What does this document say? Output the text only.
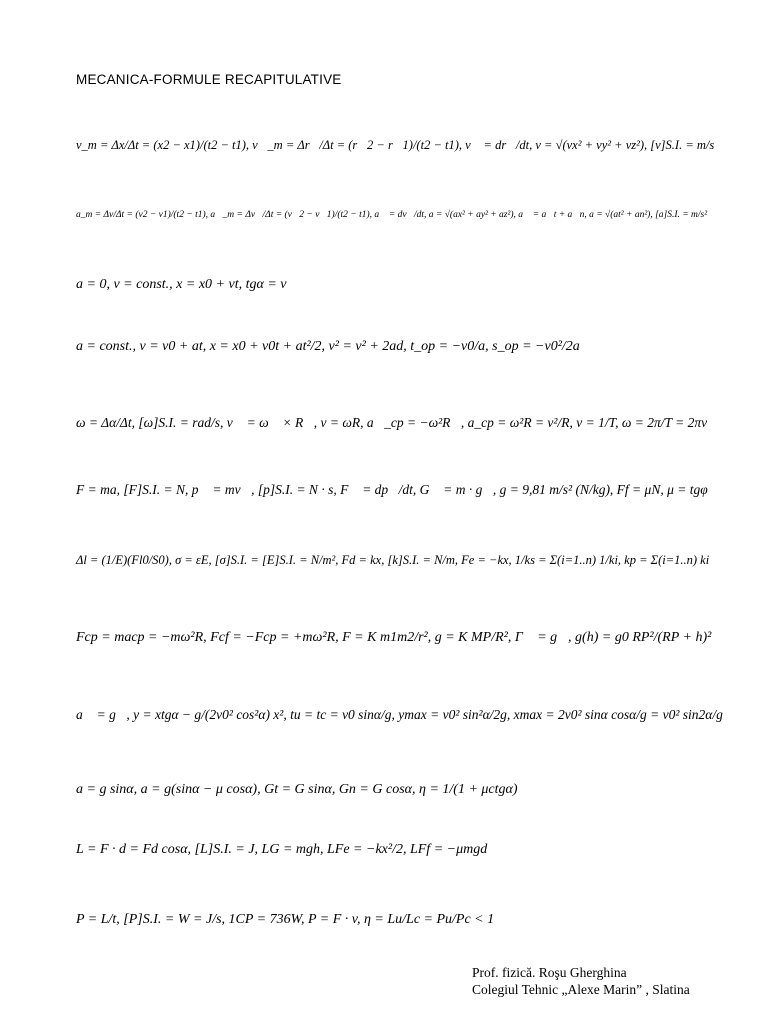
MECANICA-FORMULE RECAPITULATIVE
v_m = Δx/Δt = (x2 − x1)/(t2 − t1), v⃗_m = Δr⃗/Δt = (r⃗2 − r⃗1)/(t2 − t1), v⃗ = dr⃗/dt, v = √(vx² + vy² + vz²), [v]S.I. = m/s
a_m = Δv/Δt = (v2 − v1)/(t2 − t1), a⃗_m = Δv⃗/Δt = (v⃗2 − v⃗1)/(t2 − t1), a⃗ = dv⃗/dt, a = √(ax² + ay² + az²), a⃗ = a⃗t + a⃗n, a = √(at² + an²), [a]S.I. = m/s²
a = 0, v = const., x = x0 + vt, tgα = v
a = const., v = v0 + at, x = x0 + v0t + at²/2, v² = v² + 2ad, t_op = −v0/a, s_op = −v0²/2a
ω = Δα/Δt, [ω]S.I. = rad/s, v⃗ = ω⃗ × R⃗, v = ωR, a⃗_cp = −ω²R⃗, a_cp = ω²R = v²/R, ν = 1/T, ω = 2π/T = 2πν
F = ma, [F]S.I. = N, p⃗ = mv⃗, [p]S.I. = N · s, F⃗ = dp⃗/dt, G⃗ = m · g⃗, g = 9,81 m/s² (N/kg), Ff = μN, μ = tgφ
Δl = (1/E)(Fl0/S0), σ = εE, [σ]S.I. = [E]S.I. = N/m², Fd = kx, [k]S.I. = N/m, Fe = −kx, 1/ks = Σ(i=1..n) 1/ki, kp = Σ(i=1..n) ki
Fcp = macp = −mω²R, Fcf = −Fcp = +mω²R, F = K m1m2/r², g = K MP/R², Γ⃗ = g⃗, g(h) = g0 RP²/(RP + h)²
a⃗ = g⃗, y = xtgα − g/(2v0² cos²α) x², tu = tc = v0 sinα/g, ymax = v0² sin²α/2g, xmax = 2v0² sinα cosα/g = v0² sin2α/g
a = g sinα, a = g(sinα − μ cosα), Gt = G sinα, Gn = G cosα, η = 1/(1 + μctgα)
L = F · d = Fd cosα, [L]S.I. = J, LG = mgh, LFe = −kx²/2, LFf = −μmgd
P = L/t, [P]S.I. = W = J/s, 1CP = 736W, P = F · v, η = Lu/Lc = Pu/Pc < 1
Prof. fizică. Roşu Gherghina
Colegiul Tehnic „Alexe Marin” , Slatina
